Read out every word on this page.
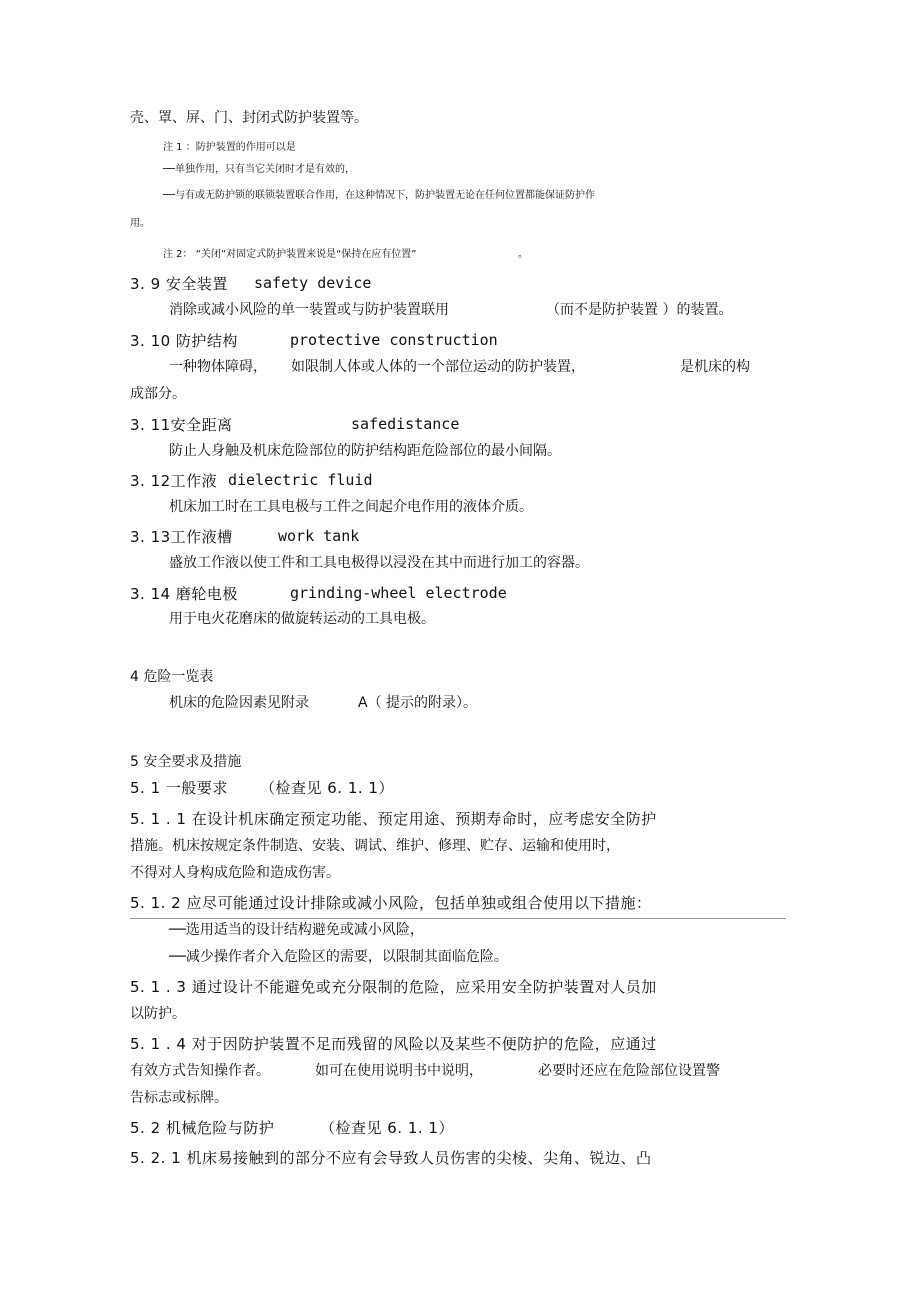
壳、罩、屏、门、封闭式防护装置等。
注 1 ：防护装置的作用可以是
──单独作用，只有当它关闭时才是有效的，
──与有或无防护锁的联锁装置联合作用，在这种情况下，防护装置无论在任何位置都能保证防护作
用。
注 2： “关闭”对固定式防护装置来说是“保持在应有位置”	。
3. 9 安全装置 safety device
消除或减小风险的单一装置或与防护装置联用	（而不是防护装置 ）的装置。
3. 10 防护结构	protective construction
一种物体障碍， 如限制人体或人体的一个部位运动的防护装置，	是机床的构
成部分。
3. 11安全距离	safedistance
防止人身触及机床危险部位的防护结构距危险部位的最小间隔。
3. 12工作液 dielectric fluid
机床加工时在工具电极与工件之间起介电作用的液体介质。
3. 13工作液槽	work tank
盛放工作液以使工件和工具电极得以浸没在其中而进行加工的容器。
3. 14 磨轮电极	grinding-wheel electrode
用于电火花磨床的做旋转运动的工具电极。
4 危险一览表
机床的危险因素见附录	A（ 提示的附录）。
5 安全要求及措施
5. 1 一般要求 （检查见 6. 1. 1）
5. 1 . 1 在设计机床确定预定功能、预定用途、预期寿命时，应考虑安全防护
措施。机床按规定条件制造、安装、调试、维护、修理、贮存、运输和使用时，
不得对人身构成危险和造成伤害。
5. 1. 2 应尽可能通过设计排除或减小风险，包括单独或组合使用以下措施：
──选用适当的设计结构避免或减小风险，
──减少操作者介入危险区的需要，以限制其面临危险。
5. 1 . 3 通过设计不能避免或充分限制的危险，应采用安全防护装置对人员加
以防护。
5. 1 . 4 对于因防护装置不足而残留的风险以及某些不便防护的危险，应通过
有效方式告知操作者。	如可在使用说明书中说明，	必要时还应在危险部位设置警
告标志或标牌。
5. 2 机械危险与防护	（检查见 6. 1. 1）
5. 2. 1 机床易接触到的部分不应有会导致人员伤害的尖棱、尖角、锐边、凸
